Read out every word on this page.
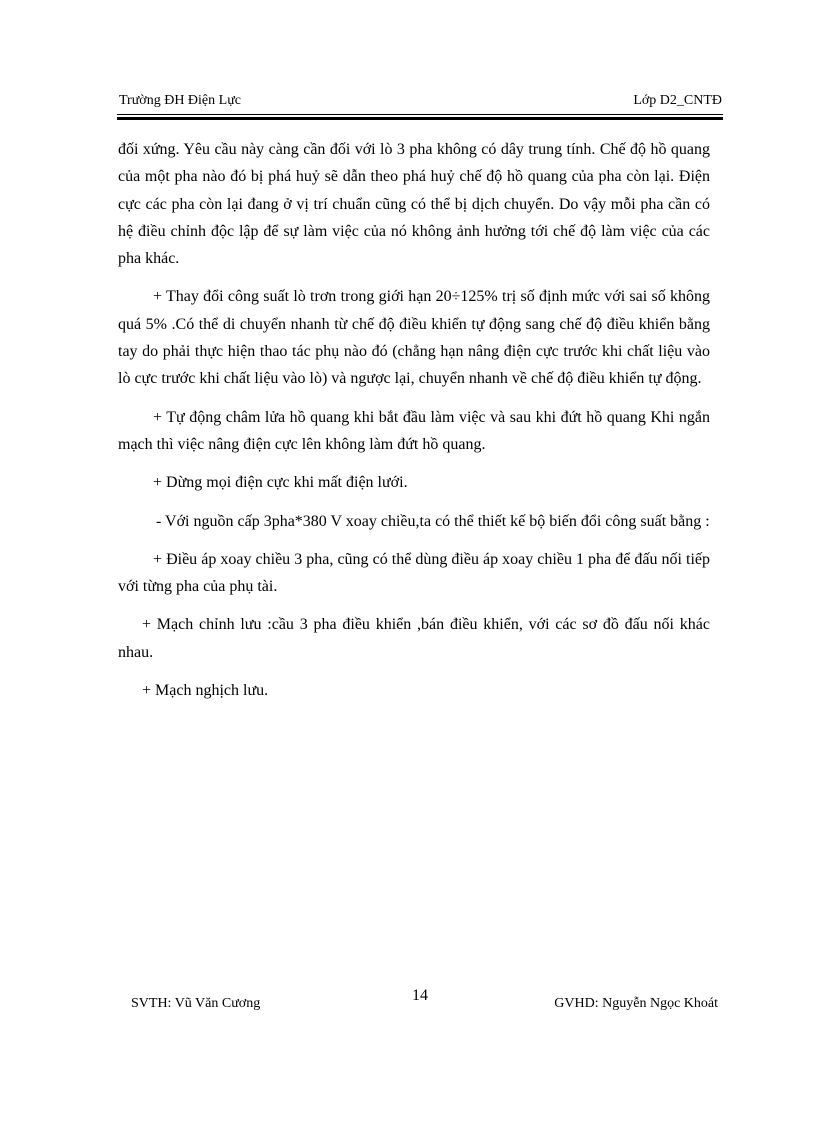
Trường ĐH Điện Lực	Lớp D2_CNTĐ

đối xứng. Yêu cầu này càng cần đối với lò 3 pha không có dây trung tính. Chế độ hồ quang của một pha nào đó bị phá huỷ sẽ dẫn theo phá huỷ chế độ hồ quang của pha còn lại. Điện cực các pha còn lại đang ở vị trí chuẩn cũng có thể bị dịch chuyển. Do vậy mỗi pha cần có hệ điều chỉnh độc lập để sự làm việc của nó không ảnh hưởng tới chế độ làm việc của các pha khác.

+ Thay đổi công suất lò trơn trong giới hạn 20÷125% trị số định mức với sai số không quá 5% .Có thể di chuyển nhanh từ chế độ điều khiển tự động sang chế độ điều khiển bằng tay do phải thực hiện thao tác phụ nào đó (chẳng hạn nâng điện cực trước khi chất liệu vào lò cực trước khi chất liệu vào lò) và ngược lại, chuyển nhanh về chế độ điều khiển tự động.

+ Tự động châm lửa hồ quang khi bắt đầu làm việc và sau khi đứt hồ quang Khi ngắn mạch thì việc nâng điện cực lên không làm đứt hồ quang.

+ Dừng mọi điện cực khi mất điện lưới.

- Với nguồn cấp 3pha*380 V xoay chiều,ta có thể thiết kế bộ biến đổi công suất bằng :

+ Điều áp xoay chiều 3 pha, cũng có thể dùng điều áp xoay chiều 1 pha để đấu nối tiếp với từng pha của phụ tài.

+ Mạch chỉnh lưu :cầu 3 pha điều khiển ,bán điều khiển, với các sơ đồ đấu nối khác nhau.

+ Mạch nghịch lưu.

SVTH: Vũ Văn Cương	14	GVHD: Nguyễn Ngọc Khoát
